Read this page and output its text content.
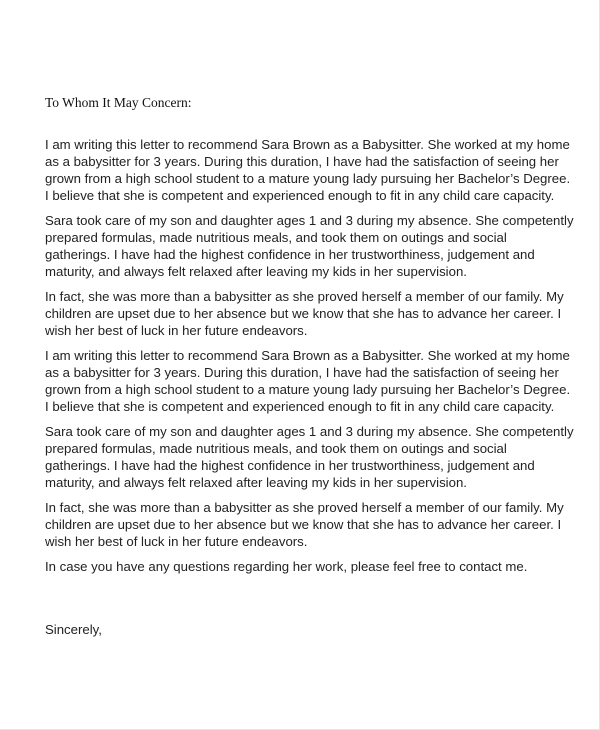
To Whom It May Concern:

I am writing this letter to recommend Sara Brown as a Babysitter. She worked at my home
as a babysitter for 3 years. During this duration, I have had the satisfaction of seeing her
grown from a high school student to a mature young lady pursuing her Bachelor’s Degree.
I believe that she is competent and experienced enough to fit in any child care capacity.

Sara took care of my son and daughter ages 1 and 3 during my absence. She competently
prepared formulas, made nutritious meals, and took them on outings and social
gatherings. I have had the highest confidence in her trustworthiness, judgement and
maturity, and always felt relaxed after leaving my kids in her supervision.

In fact, she was more than a babysitter as she proved herself a member of our family. My
children are upset due to her absence but we know that she has to advance her career. I
wish her best of luck in her future endeavors.

I am writing this letter to recommend Sara Brown as a Babysitter. She worked at my home
as a babysitter for 3 years. During this duration, I have had the satisfaction of seeing her
grown from a high school student to a mature young lady pursuing her Bachelor’s Degree.
I believe that she is competent and experienced enough to fit in any child care capacity.

Sara took care of my son and daughter ages 1 and 3 during my absence. She competently
prepared formulas, made nutritious meals, and took them on outings and social
gatherings. I have had the highest confidence in her trustworthiness, judgement and
maturity, and always felt relaxed after leaving my kids in her supervision.

In fact, she was more than a babysitter as she proved herself a member of our family. My
children are upset due to her absence but we know that she has to advance her career. I
wish her best of luck in her future endeavors.

In case you have any questions regarding her work, please feel free to contact me.

Sincerely,
